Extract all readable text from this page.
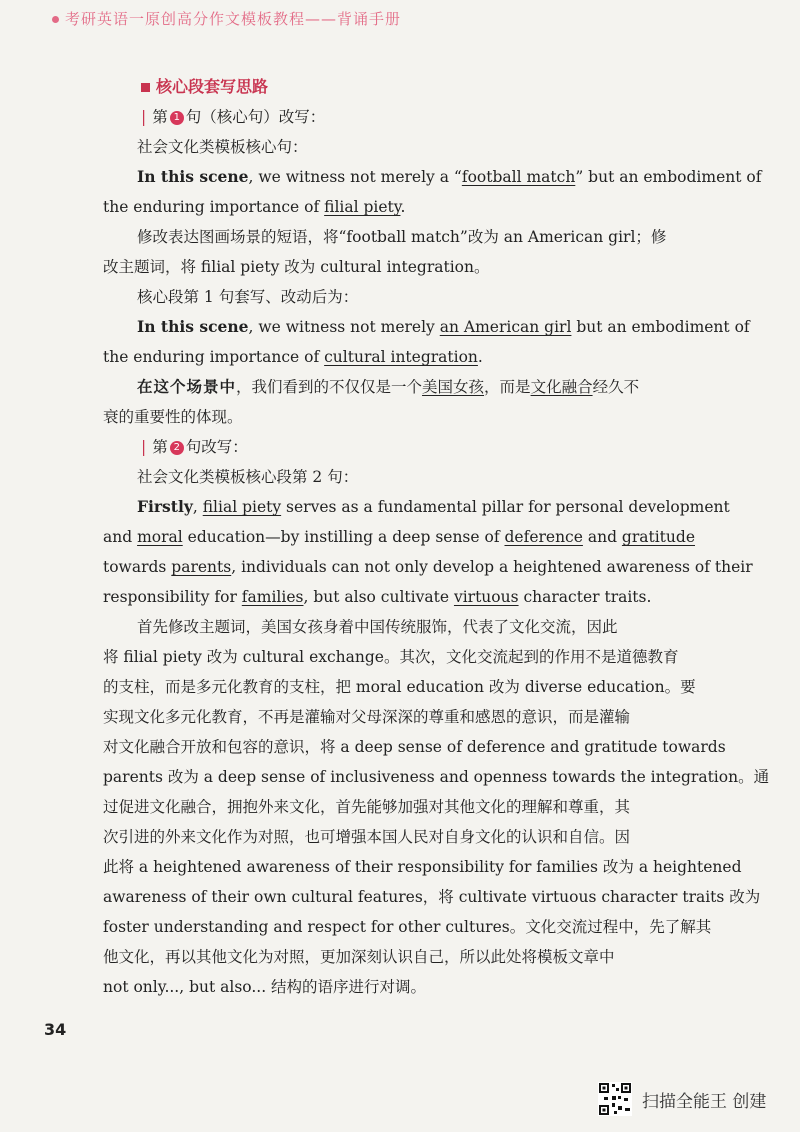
考研英语一原创高分作文模板教程——背诵手册
核心段套写思路
| 第 1 句（核心句）改写：
社会文化类模板核心句：
In this scene, we witness not merely a “football match” but an embodiment of
the enduring importance of filial piety.
修改表达图画场景的短语，将“football match”改为 an American girl；修
改主题词，将 filial piety 改为 cultural integration。
核心段第 1 句套写、改动后为：
In this scene, we witness not merely an American girl but an embodiment of
the enduring importance of cultural integration.
在这个场景中，我们看到的不仅仅是一个美国女孩，而是文化融合经久不
衰的重要性的体现。
| 第 2 句改写：
社会文化类模板核心段第 2 句：
Firstly, filial piety serves as a fundamental pillar for personal development
and moral education—by instilling a deep sense of deference and gratitude
towards parents, individuals can not only develop a heightened awareness of their
responsibility for families, but also cultivate virtuous character traits.
首先修改主题词，美国女孩身着中国传统服饰，代表了文化交流，因此
将 filial piety 改为 cultural exchange。其次，文化交流起到的作用不是道德教育
的支柱，而是多元化教育的支柱，把 moral education 改为 diverse education。要
实现文化多元化教育，不再是灌输对父母深深的尊重和感恩的意识，而是灌输
对文化融合开放和包容的意识，将 a deep sense of deference and gratitude towards
parents 改为 a deep sense of inclusiveness and openness towards the integration。通
过促进文化融合，拥抱外来文化，首先能够加强对其他文化的理解和尊重，其
次引进的外来文化作为对照，也可增强本国人民对自身文化的认识和自信。因
此将 a heightened awareness of their responsibility for families 改为 a heightened
awareness of their own cultural features，将 cultivate virtuous character traits 改为
foster understanding and respect for other cultures。文化交流过程中，先了解其
他文化，再以其他文化为对照，更加深刻认识自己，所以此处将模板文章中
not only..., but also... 结构的语序进行对调。
34
扫描全能王 创建
